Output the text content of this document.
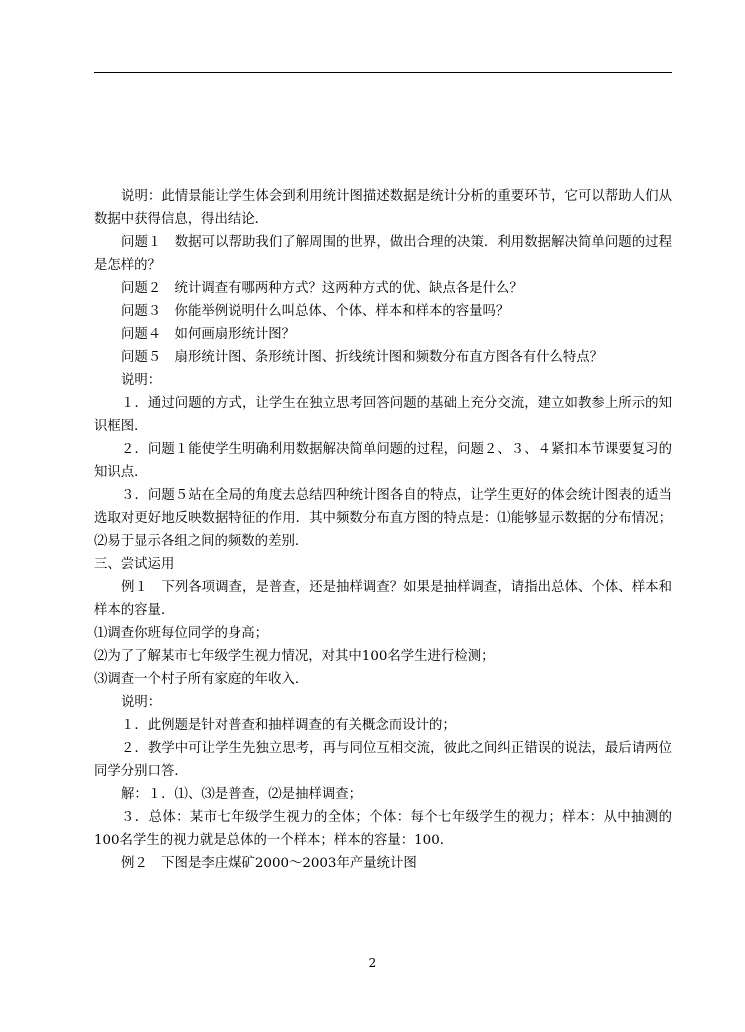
说明：此情景能让学生体会到利用统计图描述数据是统计分析的重要环节，它可以帮助人们从数据中获得信息，得出结论．

问题１　数据可以帮助我们了解周围的世界，做出合理的决策．利用数据解决简单问题的过程是怎样的？

问题２　统计调查有哪两种方式？这两种方式的优、缺点各是什么？

问题３　你能举例说明什么叫总体、个体、样本和样本的容量吗？

问题４　如何画扇形统计图？

问题５　扇形统计图、条形统计图、折线统计图和频数分布直方图各有什么特点？

说明：

１．通过问题的方式，让学生在独立思考回答问题的基础上充分交流，建立如教参上所示的知识框图．

２．问题１能使学生明确利用数据解决简单问题的过程，问题２、３、４紧扣本节课要复习的知识点．

３．问题５站在全局的角度去总结四种统计图各自的特点，让学生更好的体会统计图表的适当选取对更好地反映数据特征的作用．其中频数分布直方图的特点是：⑴能够显示数据的分布情况；⑵易于显示各组之间的频数的差别．

三、尝试运用

例１　下列各项调查，是普查，还是抽样调查？如果是抽样调查，请指出总体、个体、样本和样本的容量．

⑴调查你班每位同学的身高；

⑵为了了解某市七年级学生视力情况，对其中100名学生进行检测；

⑶调查一个村子所有家庭的年收入．

说明：

１．此例题是针对普查和抽样调查的有关概念而设计的；

２．教学中可让学生先独立思考，再与同位互相交流，彼此之间纠正错误的说法，最后请两位同学分别口答．

解：１．⑴、⑶是普查，⑵是抽样调查；

３．总体：某市七年级学生视力的全体；个体：每个七年级学生的视力；样本：从中抽测的100名学生的视力就是总体的一个样本；样本的容量：100．

例２　下图是李庄煤矿2000～2003年产量统计图

2
